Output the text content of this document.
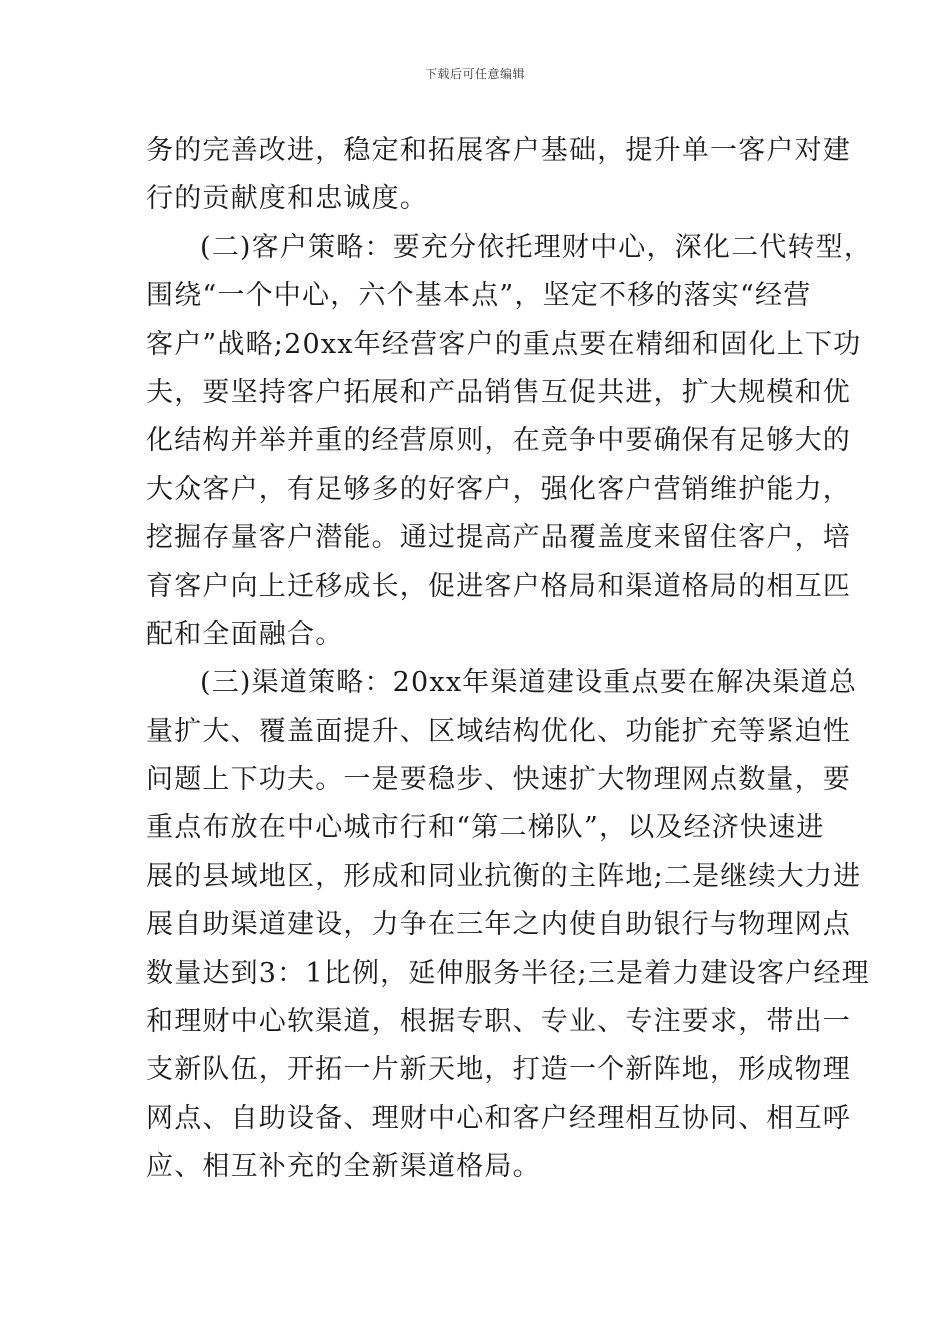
下载后可任意编辑
务的完善改进，稳定和拓展客户基础，提升单一客户对建
行的贡献度和忠诚度。
(二)客户策略：要充分依托理财中心，深化二代转型，
围绕“一个中心，六个基本点”，坚定不移的落实“经营
客户”战略;20xx年经营客户的重点要在精细和固化上下功
夫，要坚持客户拓展和产品销售互促共进，扩大规模和优
化结构并举并重的经营原则，在竞争中要确保有足够大的
大众客户，有足够多的好客户，强化客户营销维护能力，
挖掘存量客户潜能。通过提高产品覆盖度来留住客户，培
育客户向上迁移成长，促进客户格局和渠道格局的相互匹
配和全面融合。
(三)渠道策略：20xx年渠道建设重点要在解决渠道总
量扩大、覆盖面提升、区域结构优化、功能扩充等紧迫性
问题上下功夫。一是要稳步、快速扩大物理网点数量，要
重点布放在中心城市行和“第二梯队”，以及经济快速进
展的县域地区，形成和同业抗衡的主阵地;二是继续大力进
展自助渠道建设，力争在三年之内使自助银行与物理网点
数量达到3：1比例，延伸服务半径;三是着力建设客户经理
和理财中心软渠道，根据专职、专业、专注要求，带出一
支新队伍，开拓一片新天地，打造一个新阵地，形成物理
网点、自助设备、理财中心和客户经理相互协同、相互呼
应、相互补充的全新渠道格局。
